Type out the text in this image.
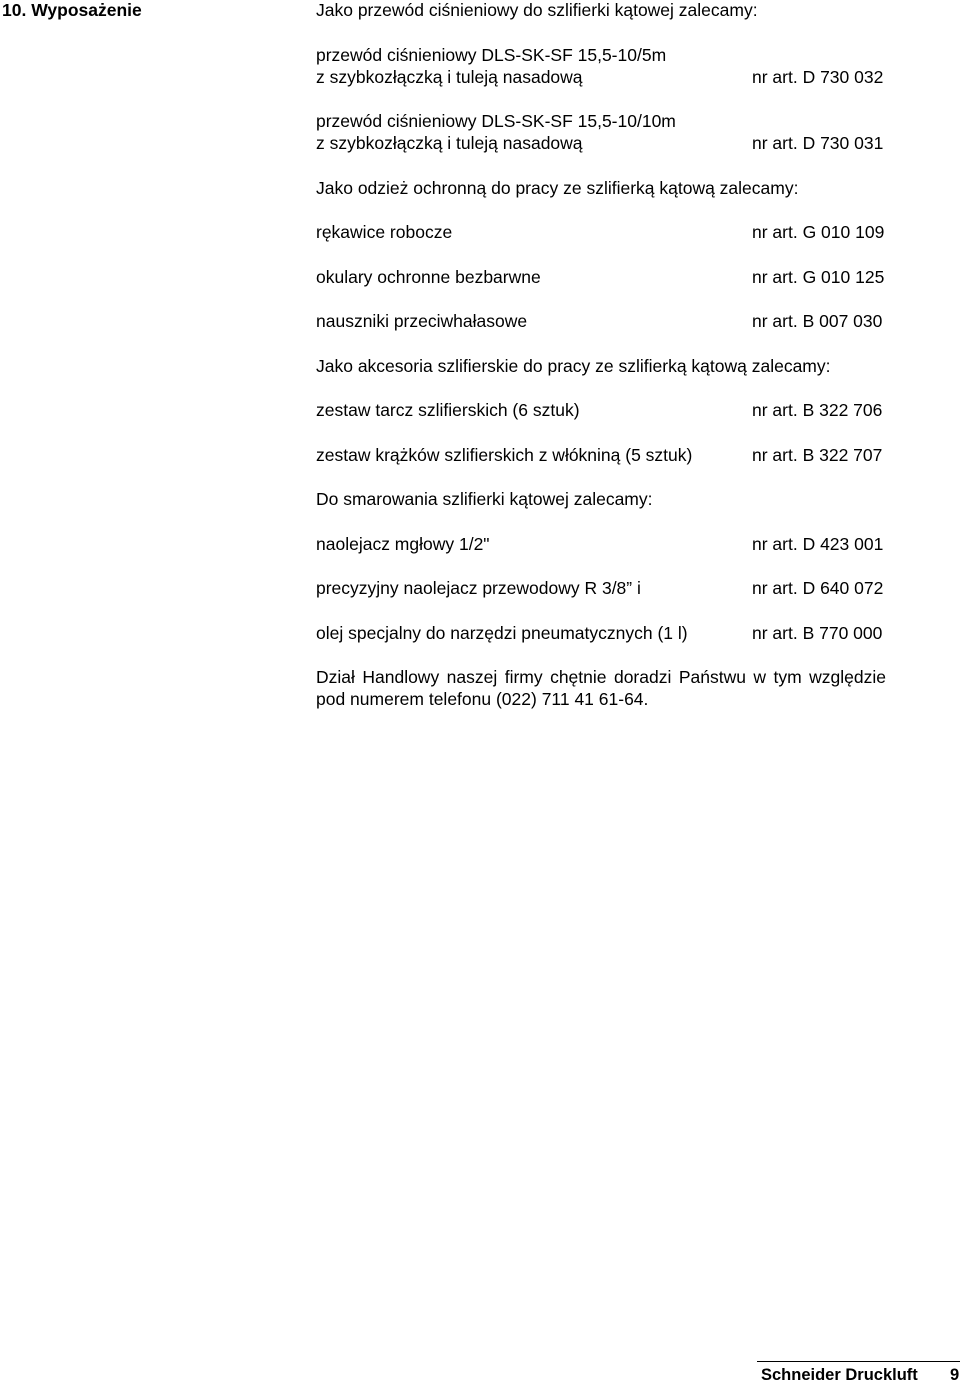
10. Wyposażenie	Jako przewód ciśnieniowy do szlifierki kątowej zalecamy:
przewód ciśnieniowy DLS-SK-SF 15,5-10/5m
z szybkozłączką i tuleją nasadową	nr art. D 730 032
przewód ciśnieniowy DLS-SK-SF 15,5-10/10m
z szybkozłączką i tuleją nasadową	nr art. D 730 031
Jako odzież ochronną do pracy ze szlifierką kątową zalecamy:
rękawice robocze	nr art. G 010 109
okulary ochronne bezbarwne	nr art. G 010 125
nauszniki przeciwhałasowe	nr art. B 007 030
Jako akcesoria szlifierskie do pracy ze szlifierką kątową zalecamy:
zestaw tarcz szlifierskich (6 sztuk)	nr art. B 322 706
zestaw krążków szlifierskich z włókniną (5 sztuk)	nr art. B 322 707
Do smarowania szlifierki kątowej zalecamy:
naolejacz mgłowy 1/2"	nr art. D 423 001
precyzyjny naolejacz przewodowy R 3/8” i	nr art. D 640 072
olej specjalny do narzędzi pneumatycznych (1 l)	nr art. B 770 000
Dział Handlowy naszej firmy chętnie doradzi Państwu w tym względzie pod numerem telefonu (022) 711 41 61-64.
Schneider Druckluft 9
